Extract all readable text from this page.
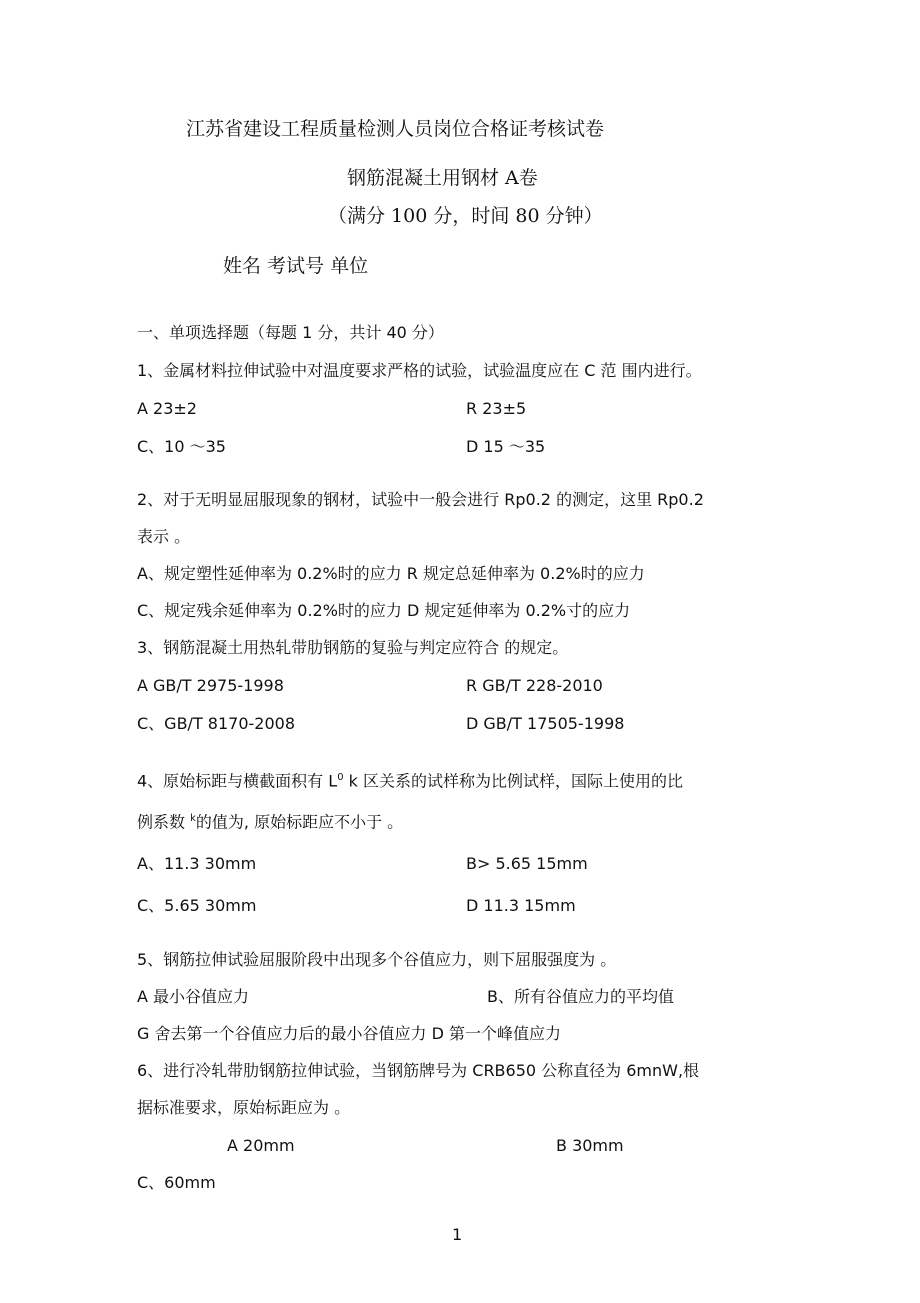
江苏省建设工程质量检测人员岗位合格证考核试卷
钢筋混凝土用钢材 A卷
（满分 100 分，时间 80 分钟）
姓名 考试号 单位
一、单项选择题（每题 1 分，共计 40 分）
1、金属材料拉伸试验中对温度要求严格的试验，试验温度应在 C 范 围内进行。
A 23±2	R 23±5
C、10 ～35	D 15 ～35
2、对于无明显屈服现象的钢材，试验中一般会进行 Rp0.2 的测定，这里 Rp0.2
表示 。
A、规定塑性延伸率为 0.2%时的应力 R 规定总延伸率为 0.2%时的应力
C、规定残余延伸率为 0.2%时的应力 D 规定延伸率为 0.2%寸的应力
3、钢筋混凝土用热轧带肋钢筋的复验与判定应符合 的规定。
A GB/T 2975-1998	R GB/T 228-2010
C、GB/T 8170-2008	D GB/T 17505-1998
4、原始标距与横截面积有 $L^0$ k 区关系的试样称为比例试样，国际上使用的比
例系数 $^k$的值为, 原始标距应不小于 。
A、11.3 30mm	B> 5.65 15mm
C、5.65 30mm	D 11.3 15mm
5、钢筋拉伸试验屈服阶段中出现多个谷值应力，则下屈服强度为 。
A 最小谷值应力	B、所有谷值应力的平均值
G 舍去第一个谷值应力后的最小谷值应力 D 第一个峰值应力
6、进行冷轧带肋钢筋拉伸试验，当钢筋牌号为 CRB650 公称直径为 6mnW,根
据标准要求，原始标距应为 。
A 20mm	B 30mm
C、60mm
1
